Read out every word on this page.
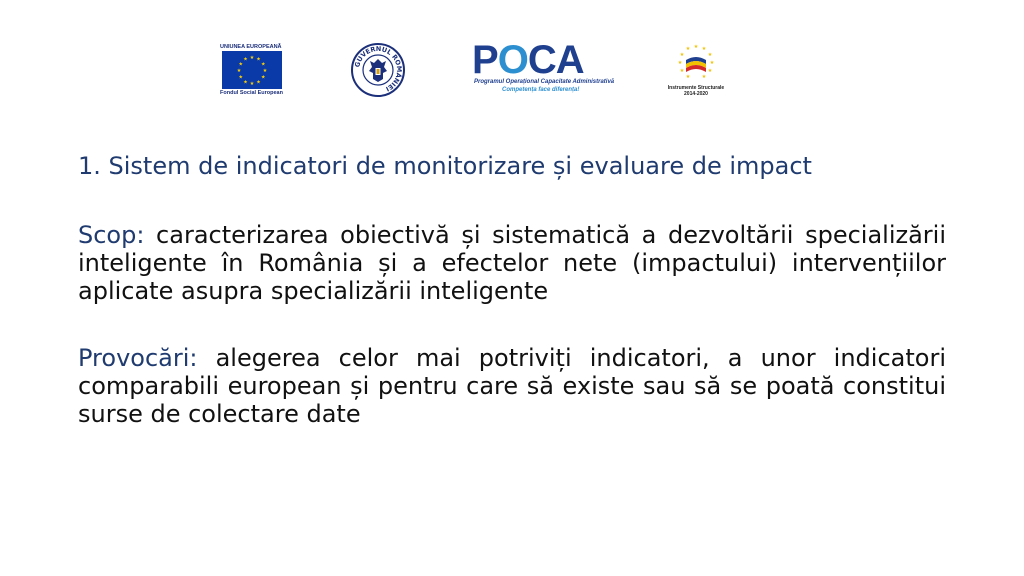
UNIUNEA EUROPEANĂ
★ ★
★
★
★
★
★
★
★
★
★
★
Fondul Social European
GUVERNUL ROMÂNIEI
POCA
Programul Operațional Capacitate Administrativă
Competența face diferența!
★ ★
★
★
★
★
★
★
★
★
★
Instrumente Structurale
2014-2020
1. Sistem de indicatori de monitorizare și evaluare de impact

Scop: caracterizarea obiectivă și sistematică a dezvoltării specializării inteligente în România și a efectelor nete (impactului) intervențiilor aplicate asupra specializării inteligente

Provocări: alegerea celor mai potriviți indicatori, a unor indicatori comparabili european și pentru care să existe sau să se poată constitui surse de colectare date
